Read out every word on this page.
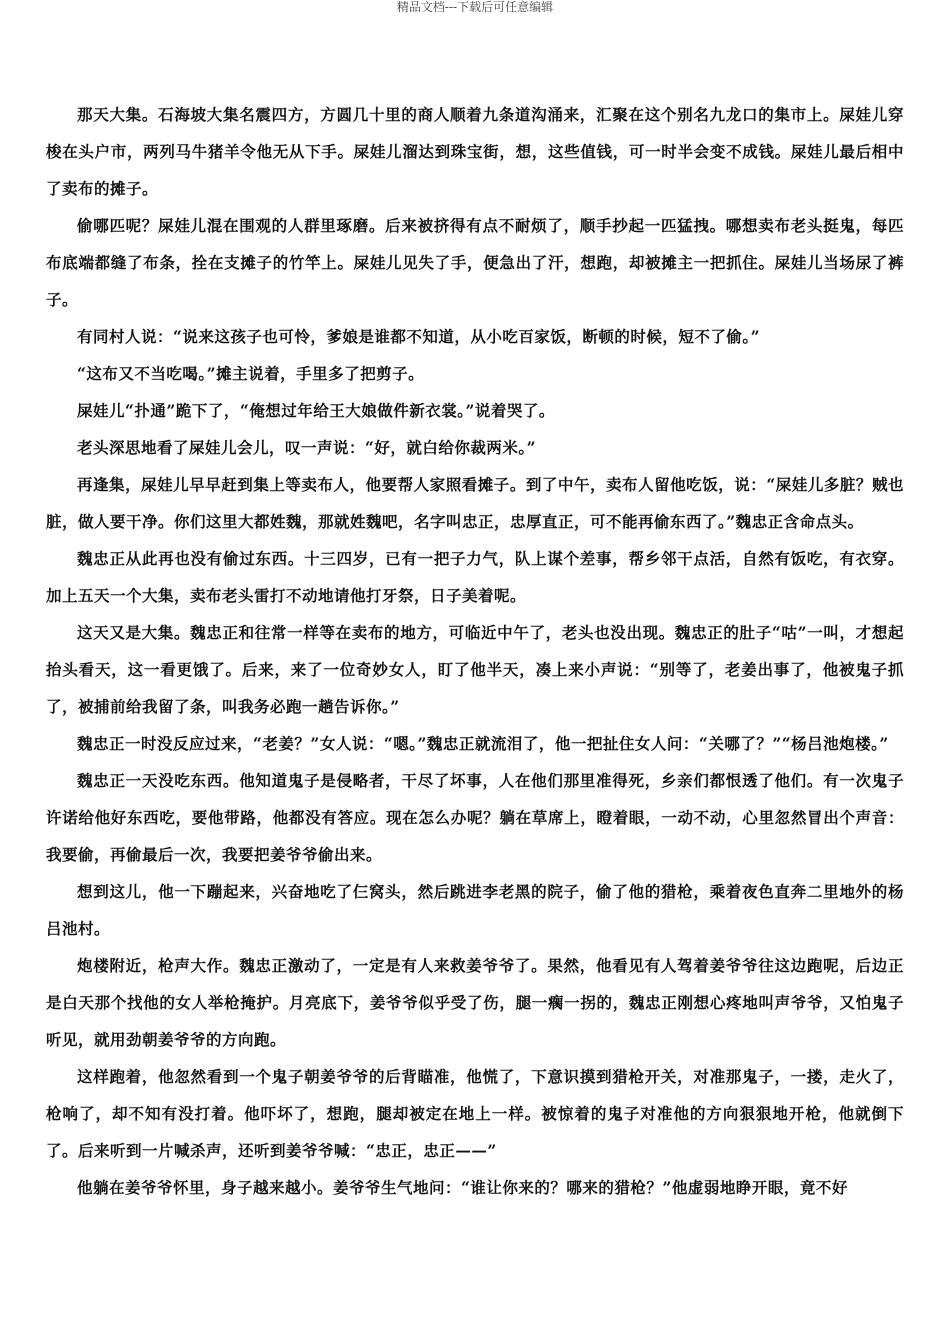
精品文档---下载后可任意编辑

那天大集。石海坡大集名震四方，方圆几十里的商人顺着九条道沟涌来，汇聚在这个别名九龙口的集市上。屎娃儿穿梭在头户市，两列马牛猪羊令他无从下手。屎娃儿溜达到珠宝街，想，这些值钱，可一时半会变不成钱。屎娃儿最后相中了卖布的摊子。

偷哪匹呢？屎娃儿混在围观的人群里琢磨。后来被挤得有点不耐烦了，顺手抄起一匹猛拽。哪想卖布老头挺鬼，每匹布底端都缝了布条，拴在支摊子的竹竿上。屎娃儿见失了手，便急出了汗，想跑，却被摊主一把抓住。屎娃儿当场尿了裤子。

有同村人说：“说来这孩子也可怜，爹娘是谁都不知道，从小吃百家饭，断顿的时候，短不了偷。”

“这布又不当吃喝。”摊主说着，手里多了把剪子。

屎娃儿“扑通”跪下了，“俺想过年给王大娘做件新衣裳。”说着哭了。

老头深思地看了屎娃儿会儿，叹一声说：“好，就白给你裁两米。”

再逢集，屎娃儿早早赶到集上等卖布人，他要帮人家照看摊子。到了中午，卖布人留他吃饭，说：“屎娃儿多脏？贼也脏，做人要干净。你们这里大都姓魏，那就姓魏吧，名字叫忠正，忠厚直正，可不能再偷东西了。”魏忠正含命点头。

魏忠正从此再也没有偷过东西。十三四岁，已有一把子力气，队上谋个差事，帮乡邻干点活，自然有饭吃，有衣穿。加上五天一个大集，卖布老头雷打不动地请他打牙祭，日子美着呢。

这天又是大集。魏忠正和往常一样等在卖布的地方，可临近中午了，老头也没出现。魏忠正的肚子“咕”一叫，才想起抬头看天，这一看更饿了。后来，来了一位奇妙女人，盯了他半天，凑上来小声说：“别等了，老姜出事了，他被鬼子抓了，被捕前给我留了条，叫我务必跑一趟告诉你。”

魏忠正一时没反应过来，“老姜？”女人说：“嗯。”魏忠正就流泪了，他一把扯住女人问：“关哪了？”“杨吕池炮楼。”

魏忠正一天没吃东西。他知道鬼子是侵略者，干尽了坏事，人在他们那里准得死，乡亲们都恨透了他们。有一次鬼子许诺给他好东西吃，要他带路，他都没有答应。现在怎么办呢？躺在草席上，瞪着眼，一动不动，心里忽然冒出个声音：我要偷，再偷最后一次，我要把姜爷爷偷出来。

想到这儿，他一下蹦起来，兴奋地吃了仨窝头，然后跳进李老黑的院子，偷了他的猎枪，乘着夜色直奔二里地外的杨吕池村。

炮楼附近，枪声大作。魏忠正激动了，一定是有人来救姜爷爷了。果然，他看见有人驾着姜爷爷往这边跑呢，后边正是白天那个找他的女人举枪掩护。月亮底下，姜爷爷似乎受了伤，腿一瘸一拐的，魏忠正刚想心疼地叫声爷爷，又怕鬼子听见，就用劲朝姜爷爷的方向跑。

这样跑着，他忽然看到一个鬼子朝姜爷爷的后背瞄准，他慌了，下意识摸到猎枪开关，对准那鬼子，一搂，走火了，枪响了，却不知有没打着。他吓坏了，想跑，腿却被定在地上一样。被惊着的鬼子对准他的方向狠狠地开枪，他就倒下了。后来听到一片喊杀声，还听到姜爷爷喊：“忠正，忠正——”

他躺在姜爷爷怀里，身子越来越小。姜爷爷生气地问：“谁让你来的？哪来的猎枪？”他虚弱地睁开眼，竟不好
